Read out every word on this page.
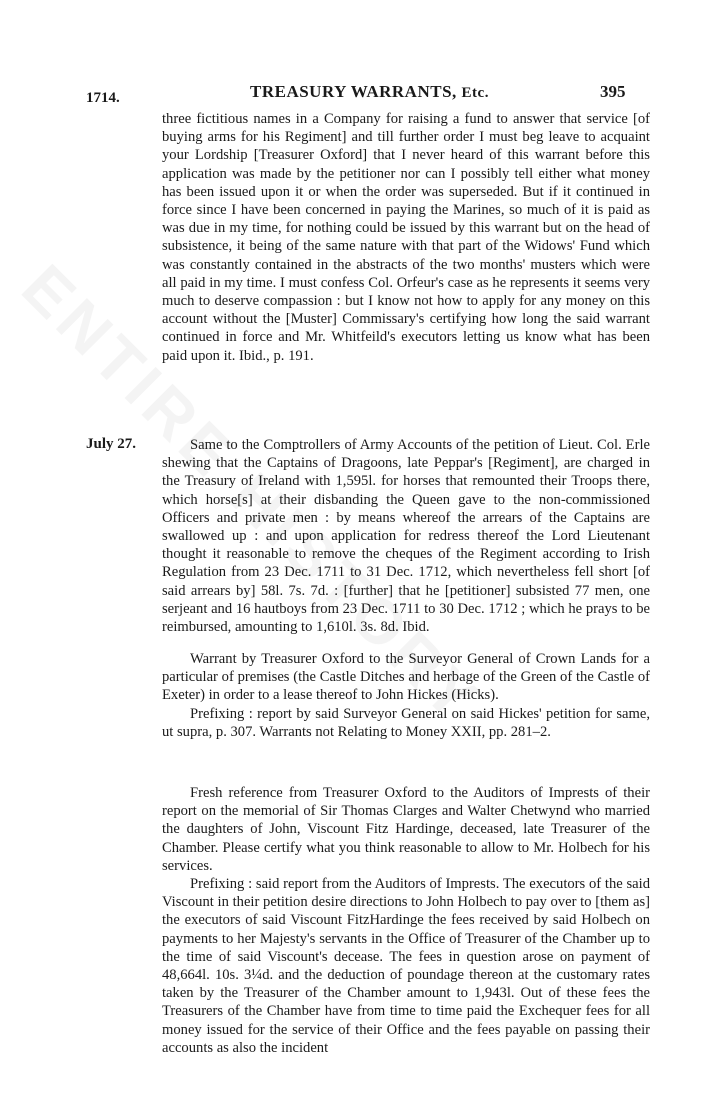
1714.	TREASURY WARRANTS, Etc.	395

three fictitious names in a Company for raising a fund to answer that service [of buying arms for his Regiment] and till further order I must beg leave to acquaint your Lordship [Treasurer Oxford] that I never heard of this warrant before this application was made by the petitioner nor can I possibly tell either what money has been issued upon it or when the order was superseded. But if it continued in force since I have been concerned in paying the Marines, so much of it is paid as was due in my time, for nothing could be issued by this warrant but on the head of subsistence, it being of the same nature with that part of the Widows' Fund which was constantly contained in the abstracts of the two months' musters which were all paid in my time. I must confess Col. Orfeur's case as he represents it seems very much to deserve compassion : but I know not how to apply for any money on this account without the [Muster] Commissary's certifying how long the said warrant continued in force and Mr. Whitfeild's executors letting us know what has been paid upon it. Ibid., p. 191.

July 27.	Same to the Comptrollers of Army Accounts of the petition of Lieut. Col. Erle shewing that the Captains of Dragoons, late Peppar's [Regiment], are charged in the Treasury of Ireland with 1,595l. for horses that remounted their Troops there, which horse[s] at their disbanding the Queen gave to the non-commissioned Officers and private men : by means whereof the arrears of the Captains are swallowed up : and upon application for redress thereof the Lord Lieutenant thought it reasonable to remove the cheques of the Regiment according to Irish Regulation from 23 Dec. 1711 to 31 Dec. 1712, which nevertheless fell short [of said arrears by] 58l. 7s. 7d. : [further] that he [petitioner] subsisted 77 men, one serjeant and 16 hautboys from 23 Dec. 1711 to 30 Dec. 1712 ; which he prays to be reimbursed, amounting to 1,610l. 3s. 8d. Ibid.

Warrant by Treasurer Oxford to the Surveyor General of Crown Lands for a particular of premises (the Castle Ditches and herbage of the Green of the Castle of Exeter) in order to a lease thereof to John Hickes (Hicks).

Prefixing : report by said Surveyor General on said Hickes' petition for same, ut supra, p. 307. Warrants not Relating to Money XXII, pp. 281–2.

Fresh reference from Treasurer Oxford to the Auditors of Imprests of their report on the memorial of Sir Thomas Clarges and Walter Chetwynd who married the daughters of John, Viscount Fitz Hardinge, deceased, late Treasurer of the Chamber. Please certify what you think reasonable to allow to Mr. Holbech for his services.

Prefixing : said report from the Auditors of Imprests. The executors of the said Viscount in their petition desire directions to John Holbech to pay over to [them as] the executors of said Viscount FitzHardinge the fees received by said Holbech on payments to her Majesty's servants in the Office of Treasurer of the Chamber up to the time of said Viscount's decease. The fees in question arose on payment of 48,664l. 10s. 3¼d. and the deduction of poundage thereon at the customary rates taken by the Treasurer of the Chamber amount to 1,943l. Out of these fees the Treasurers of the Chamber have from time to time paid the Exchequer fees for all money issued for the service of their Office and the fees payable on passing their accounts as also the incident
